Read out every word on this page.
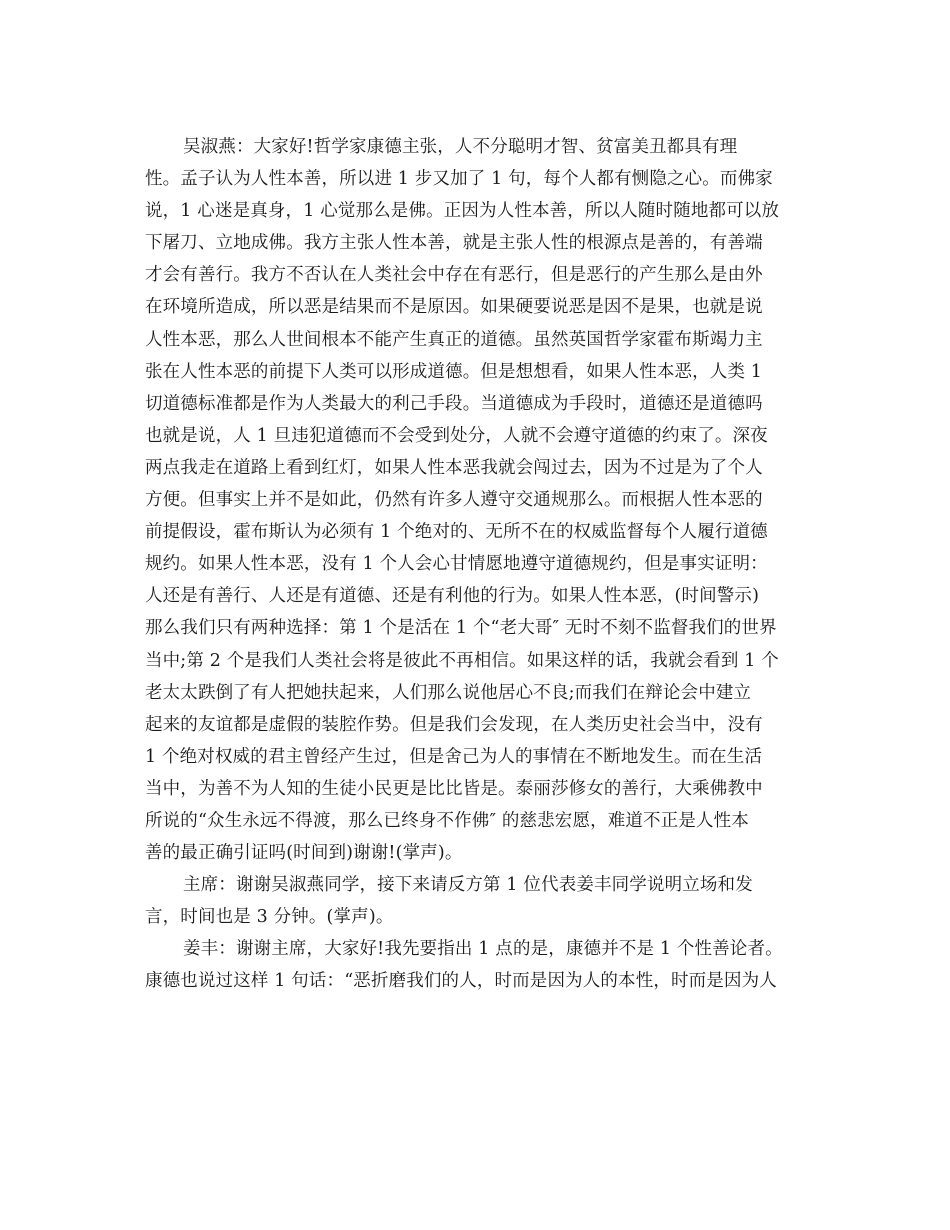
吴淑燕：大家好!哲学家康德主张，人不分聪明才智、贫富美丑都具有理
性。孟子认为人性本善，所以进 1 步又加了 1 句，每个人都有恻隐之心。而佛家
说，1 心迷是真身，1 心觉那么是佛。正因为人性本善，所以人随时随地都可以放
下屠刀、立地成佛。我方主张人性本善，就是主张人性的根源点是善的，有善端
才会有善行。我方不否认在人类社会中存在有恶行，但是恶行的产生那么是由外
在环境所造成，所以恶是结果而不是原因。如果硬要说恶是因不是果，也就是说
人性本恶，那么人世间根本不能产生真正的道德。虽然英国哲学家霍布斯竭力主
张在人性本恶的前提下人类可以形成道德。但是想想看，如果人性本恶，人类 1
切道德标准都是作为人类最大的利己手段。当道德成为手段时，道德还是道德吗
也就是说，人 1 旦违犯道德而不会受到处分，人就不会遵守道德的约束了。深夜
两点我走在道路上看到红灯，如果人性本恶我就会闯过去，因为不过是为了个人
方便。但事实上并不是如此，仍然有许多人遵守交通规那么。而根据人性本恶的
前提假设，霍布斯认为必须有 1 个绝对的、无所不在的权威监督每个人履行道德
规约。如果人性本恶，没有 1 个人会心甘情愿地遵守道德规约，但是事实证明：
人还是有善行、人还是有道德、还是有利他的行为。如果人性本恶，(时间警示)
那么我们只有两种选择：第 1 个是活在 1 个“老大哥″ 无时不刻不监督我们的世界
当中;第 2 个是我们人类社会将是彼此不再相信。如果这样的话，我就会看到 1 个
老太太跌倒了有人把她扶起来，人们那么说他居心不良;而我们在辩论会中建立
起来的友谊都是虚假的装腔作势。但是我们会发现，在人类历史社会当中，没有
1 个绝对权威的君主曾经产生过，但是舍己为人的事情在不断地发生。而在生活
当中，为善不为人知的生徒小民更是比比皆是。泰丽莎修女的善行，大乘佛教中
所说的“众生永远不得渡，那么已终身不作佛″ 的慈悲宏愿，难道不正是人性本
善的最正确引证吗(时间到)谢谢!(掌声)。
主席：谢谢吴淑燕同学，接下来请反方第 1 位代表姜丰同学说明立场和发
言，时间也是 3 分钟。(掌声)。
姜丰：谢谢主席，大家好!我先要指出 1 点的是，康德并不是 1 个性善论者。
康德也说过这样 1 句话：“恶折磨我们的人，时而是因为人的本性，时而是因为人
